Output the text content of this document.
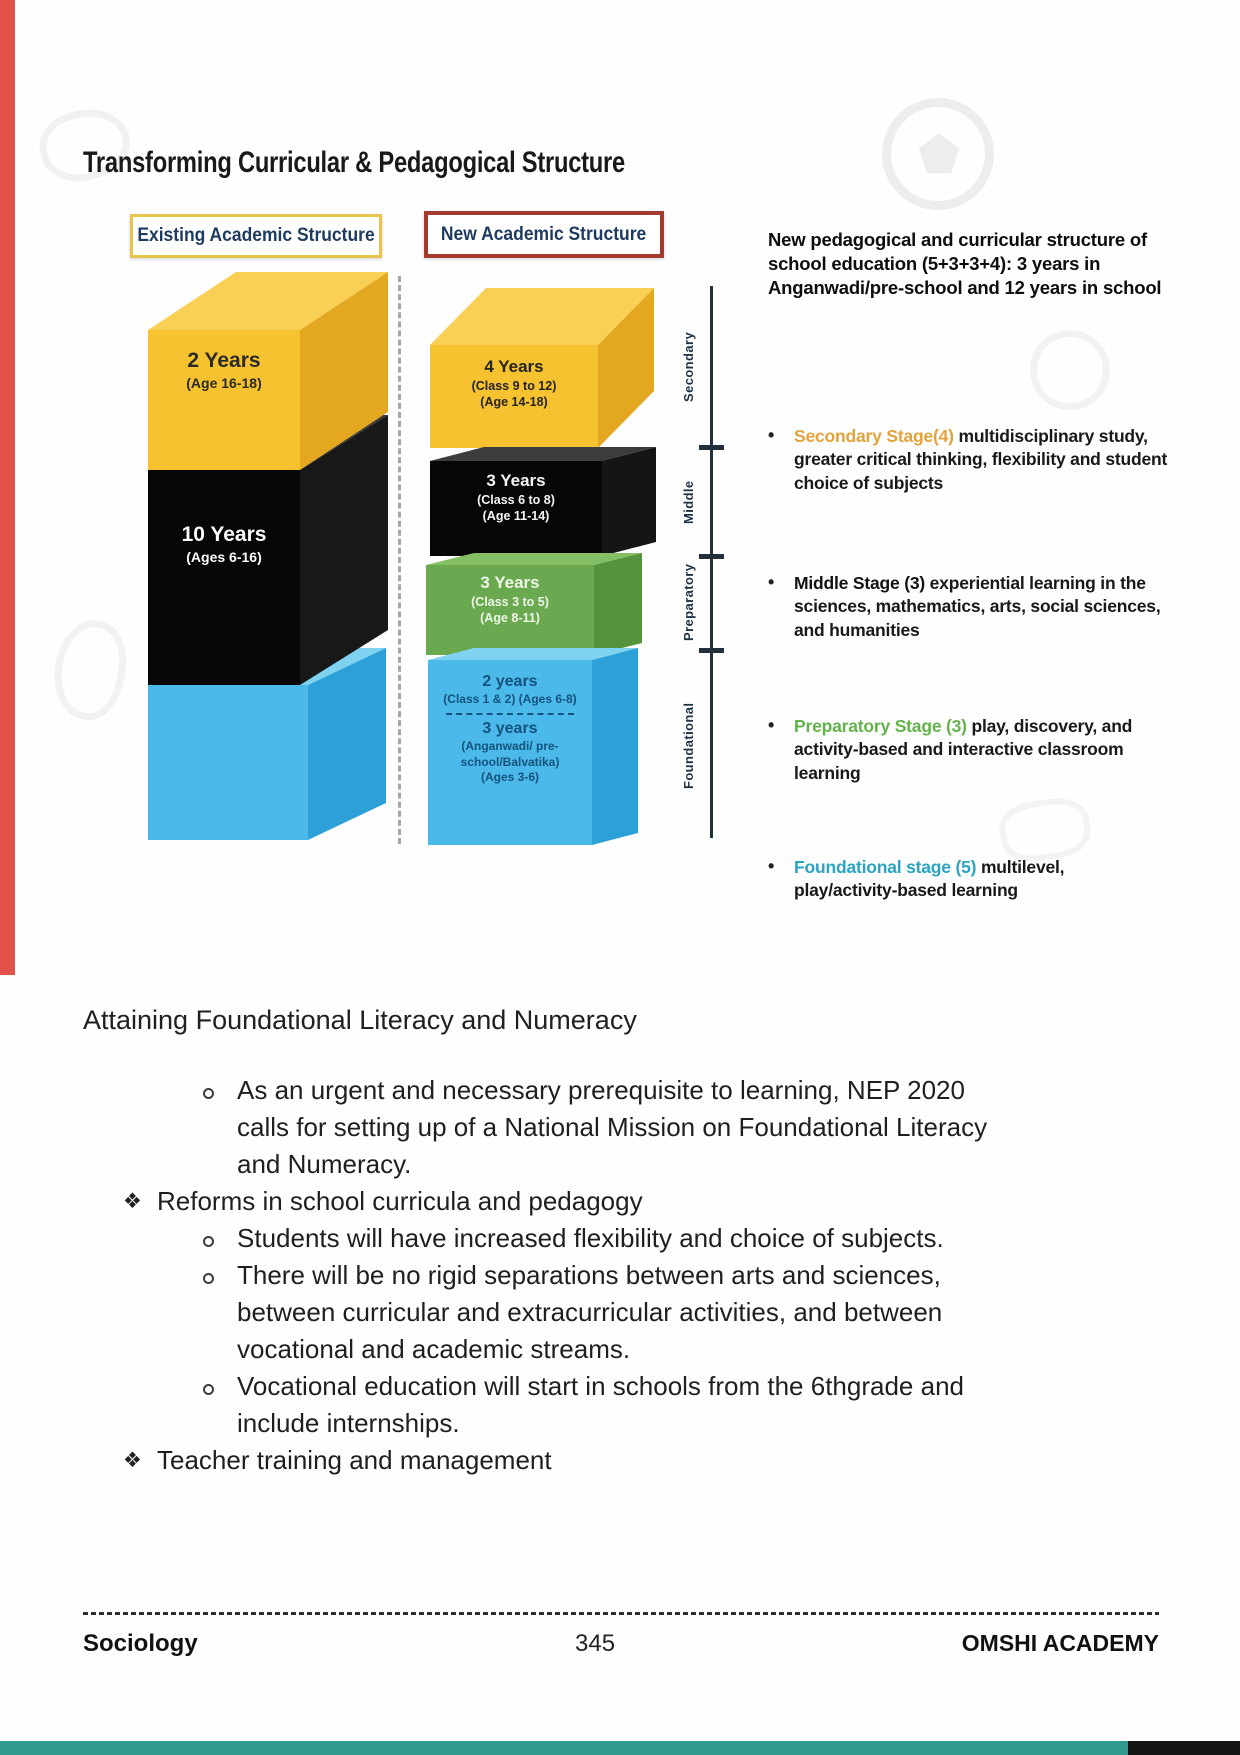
Transforming Curricular & Pedagogical Structure
Existing Academic Structure	New Academic Structure
10 Years
(Ages 6-16)
2 Years
(Age 16-18)
4 Years
(Class 9 to 12)
(Age 14-18)
3 Years
(Class 6 to 8)
(Age 11-14)
3 Years
(Class 3 to 5)
(Age 8-11)
2 years
(Class 1 & 2) (Ages 6-8)
3 years
(Anganwadi/ pre-
school/Balvatika)
(Ages 3-6)
Secondary
Middle
Preparatory
Foundational
New pedagogical and curricular structure of school education (5+3+3+4): 3 years in Anganwadi/pre-school and 12 years in school
•	Secondary Stage(4) multidisciplinary study, greater critical thinking, flexibility and student choice of subjects
•	Middle Stage (3) experiential learning in the sciences, mathematics, arts, social sciences, and humanities
•	Preparatory Stage (3) play, discovery, and activity-based and interactive classroom learning
•	Foundational stage (5) multilevel, play/activity-based learning
Attaining Foundational Literacy and Numeracy
As an urgent and necessary prerequisite to learning, NEP 2020 calls for setting up of a National Mission on Foundational Literacy and Numeracy.
❖ Reforms in school curricula and pedagogy
Students will have increased flexibility and choice of subjects.
There will be no rigid separations between arts and sciences, between curricular and extracurricular activities, and between vocational and academic streams.
Vocational education will start in schools from the 6thgrade and include internships.
❖ Teacher training and management
Sociology	345	OMSHI ACADEMY
